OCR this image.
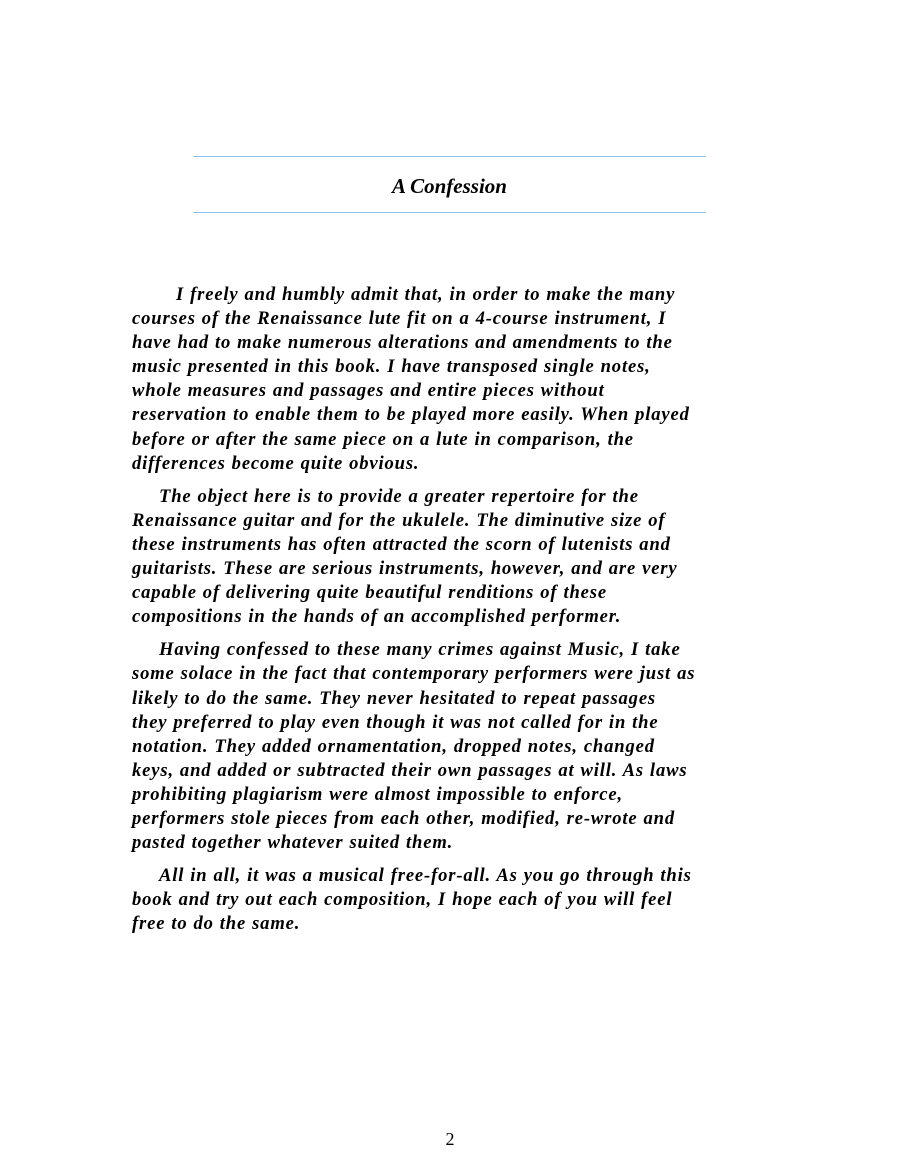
A Confession

I freely and humbly admit that, in order to make the many
courses of the Renaissance lute fit on a 4-course instrument, I
have had to make numerous alterations and amendments to the
music presented in this book. I have transposed single notes,
whole measures and passages and entire pieces without
reservation to enable them to be played more easily. When played
before or after the same piece on a lute in comparison, the
differences become quite obvious.

The object here is to provide a greater repertoire for the
Renaissance guitar and for the ukulele. The diminutive size of
these instruments has often attracted the scorn of lutenists and
guitarists. These are serious instruments, however, and are very
capable of delivering quite beautiful renditions of these
compositions in the hands of an accomplished performer.

Having confessed to these many crimes against Music, I take
some solace in the fact that contemporary performers were just as
likely to do the same. They never hesitated to repeat passages
they preferred to play even though it was not called for in the
notation. They added ornamentation, dropped notes, changed
keys, and added or subtracted their own passages at will. As laws
prohibiting plagiarism were almost impossible to enforce,
performers stole pieces from each other, modified, re-wrote and
pasted together whatever suited them.

All in all, it was a musical free-for-all. As you go through this
book and try out each composition, I hope each of you will feel
free to do the same.

2
